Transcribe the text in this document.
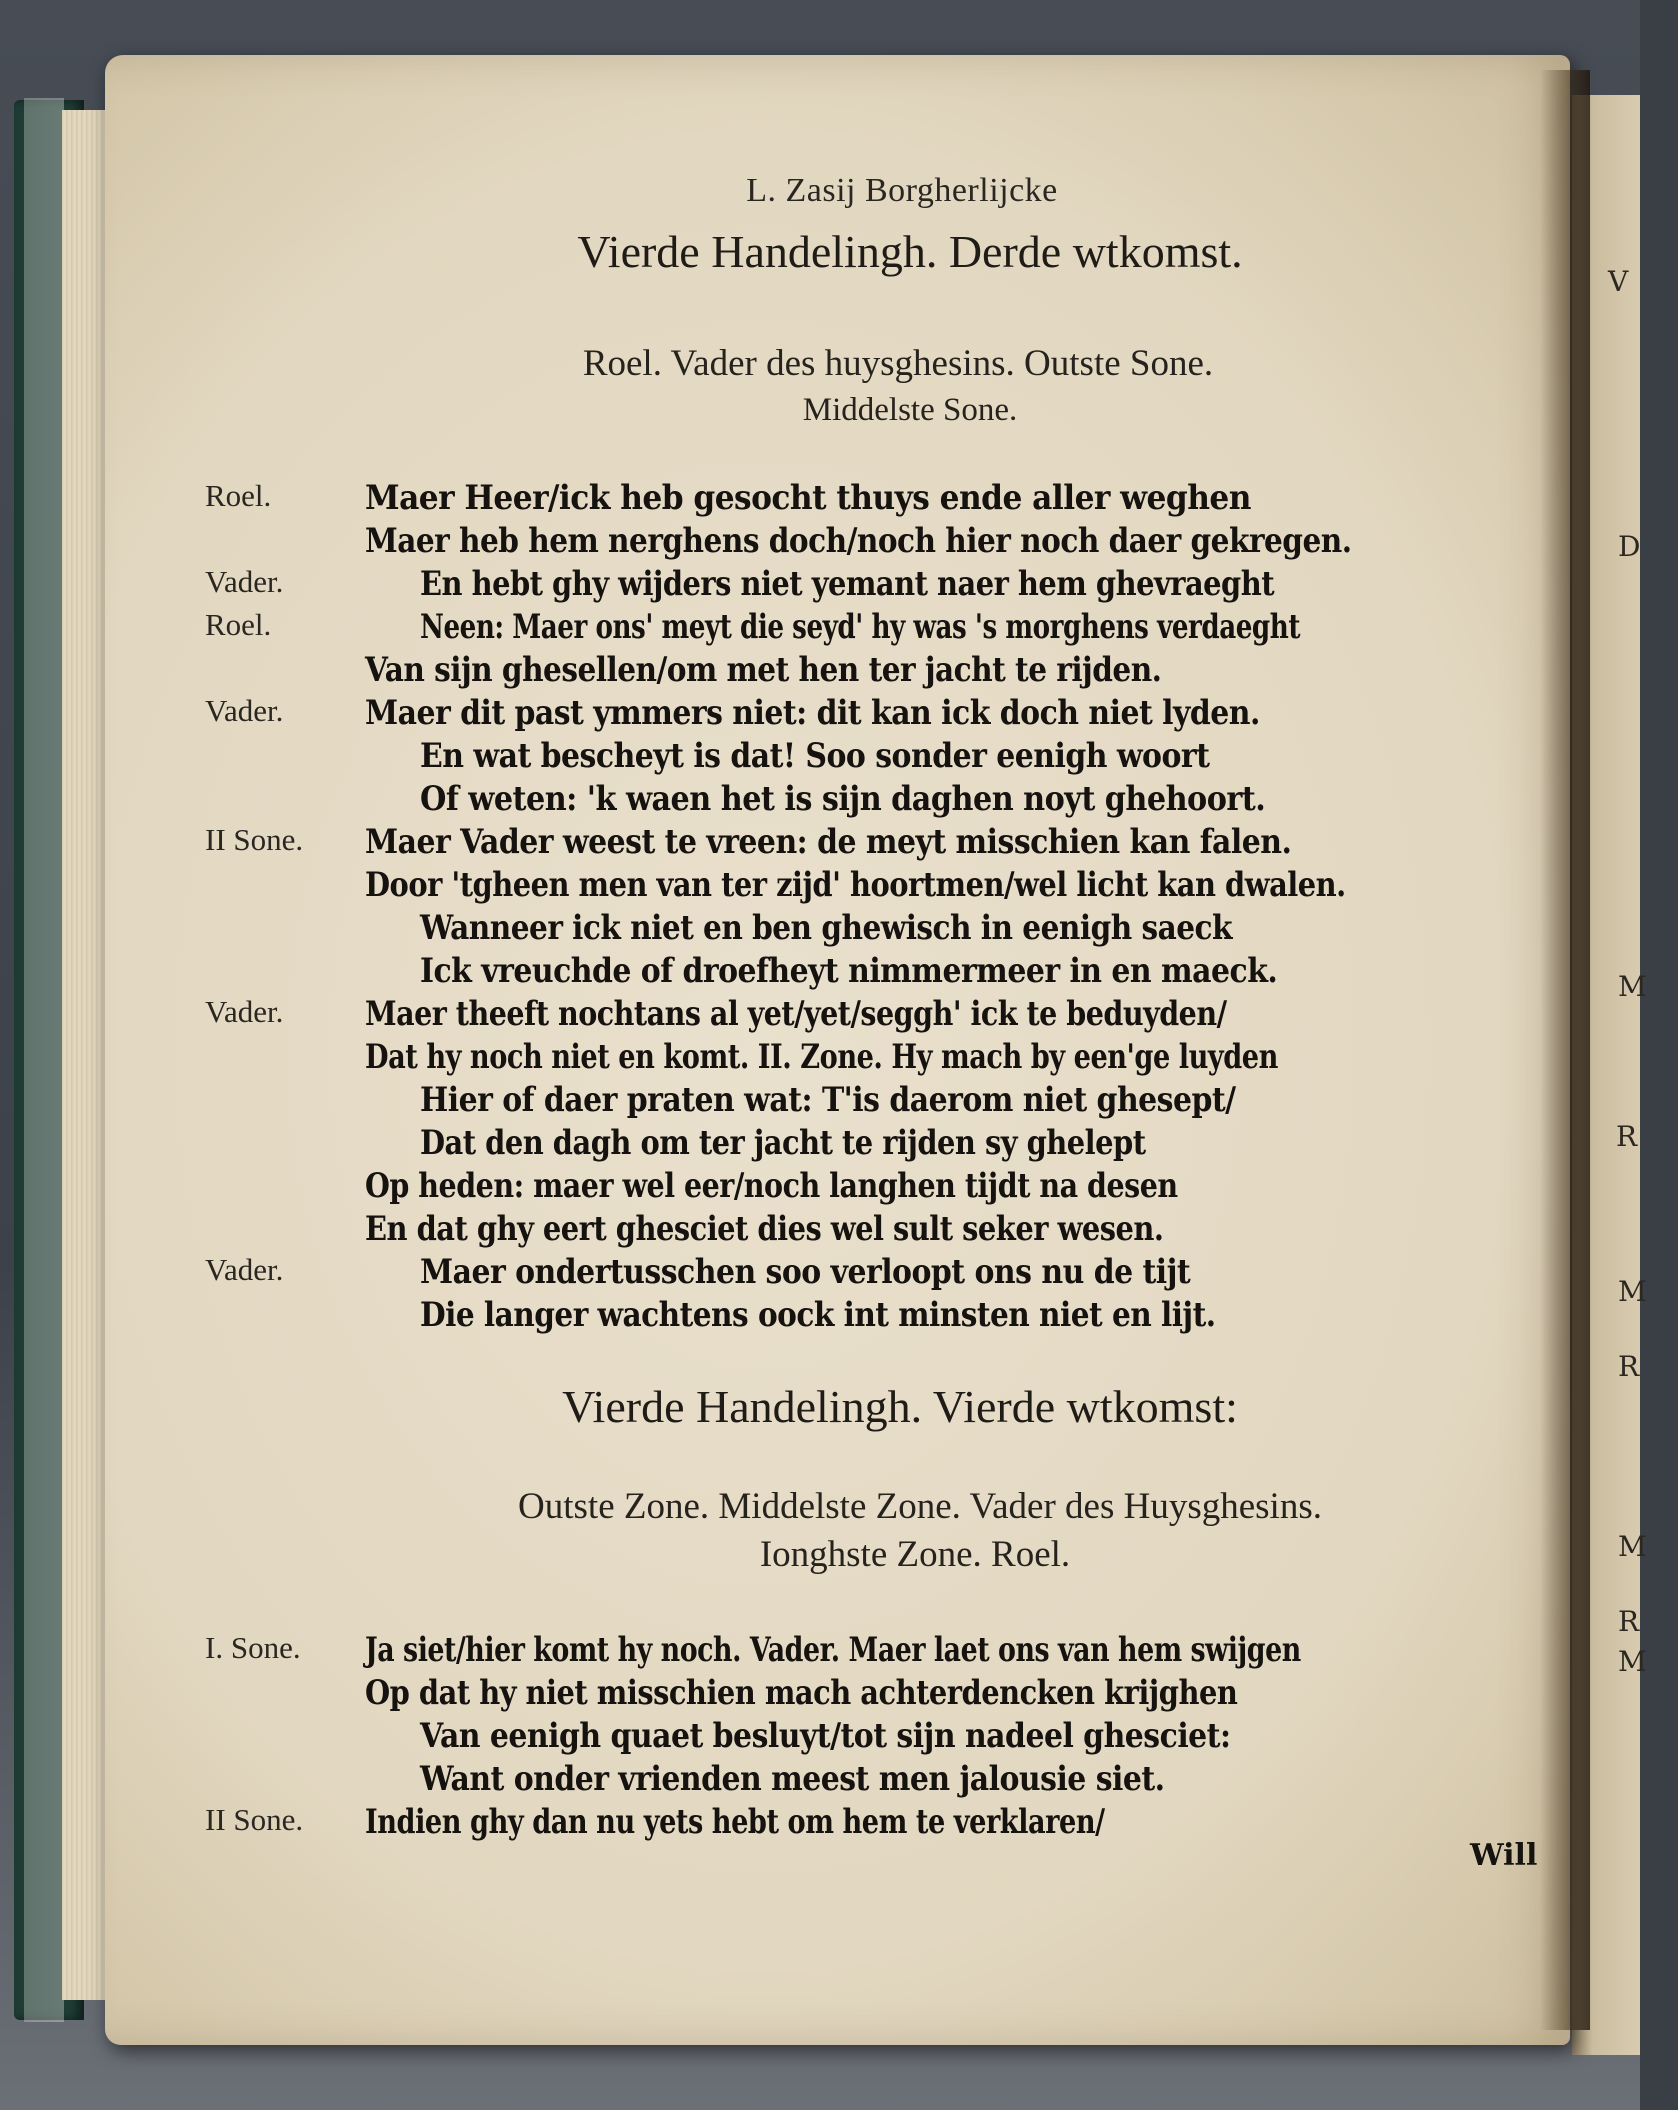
V
D
M
R
M
R
M
R
M
L. Zasij Borgherlijcke
Vierde Handelingh. Derde wtkomst.
Roel. Vader des huysghesins. Outste Sone.
Middelste Sone.
Roel.	Maer Heer/ick heb gesocht thuys ende aller weghen
Maer heb hem nerghens doch/noch hier noch daer gekregen.
Vader.	En hebt ghy wijders niet yemant naer hem ghevraeght
Roel.	Neen: Maer ons' meyt die seyd' hy was 's morghens verdaeght
Van sijn ghesellen/om met hen ter jacht te rijden.
Vader.	Maer dit past ymmers niet: dit kan ick doch niet lyden.
En wat bescheyt is dat! Soo sonder eenigh woort
Of weten: 'k waen het is sijn daghen noyt ghehoort.
II Sone.	Maer Vader weest te vreen: de meyt misschien kan falen.
Door 'tgheen men van ter zijd' hoortmen/wel licht kan dwalen.
Wanneer ick niet en ben ghewisch in eenigh saeck
Ick vreuchde of droefheyt nimmermeer in en maeck.
Vader.	Maer theeft nochtans al yet/yet/seggh' ick te beduyden/
Dat hy noch niet en komt. II. Zone. Hy mach by een'ge luyden
Hier of daer praten wat: T'is daerom niet ghesept/
Dat den dagh om ter jacht te rijden sy ghelept
Op heden: maer wel eer/noch langhen tijdt na desen
En dat ghy eert ghesciet dies wel sult seker wesen.
Vader.	Maer ondertusschen soo verloopt ons nu de tijt
Die langer wachtens oock int minsten niet en lijt.
Vierde Handelingh. Vierde wtkomst:
Outste Zone. Middelste Zone. Vader des Huysghesins.
Ionghste Zone. Roel.
I. Sone.	Ja siet/hier komt hy noch. Vader. Maer laet ons van hem swijgen
Op dat hy niet misschien mach achterdencken krijghen
Van eenigh quaet besluyt/tot sijn nadeel ghesciet:
Want onder vrienden meest men jalousie siet.
II Sone.	Indien ghy dan nu yets hebt om hem te verklaren/
Will
